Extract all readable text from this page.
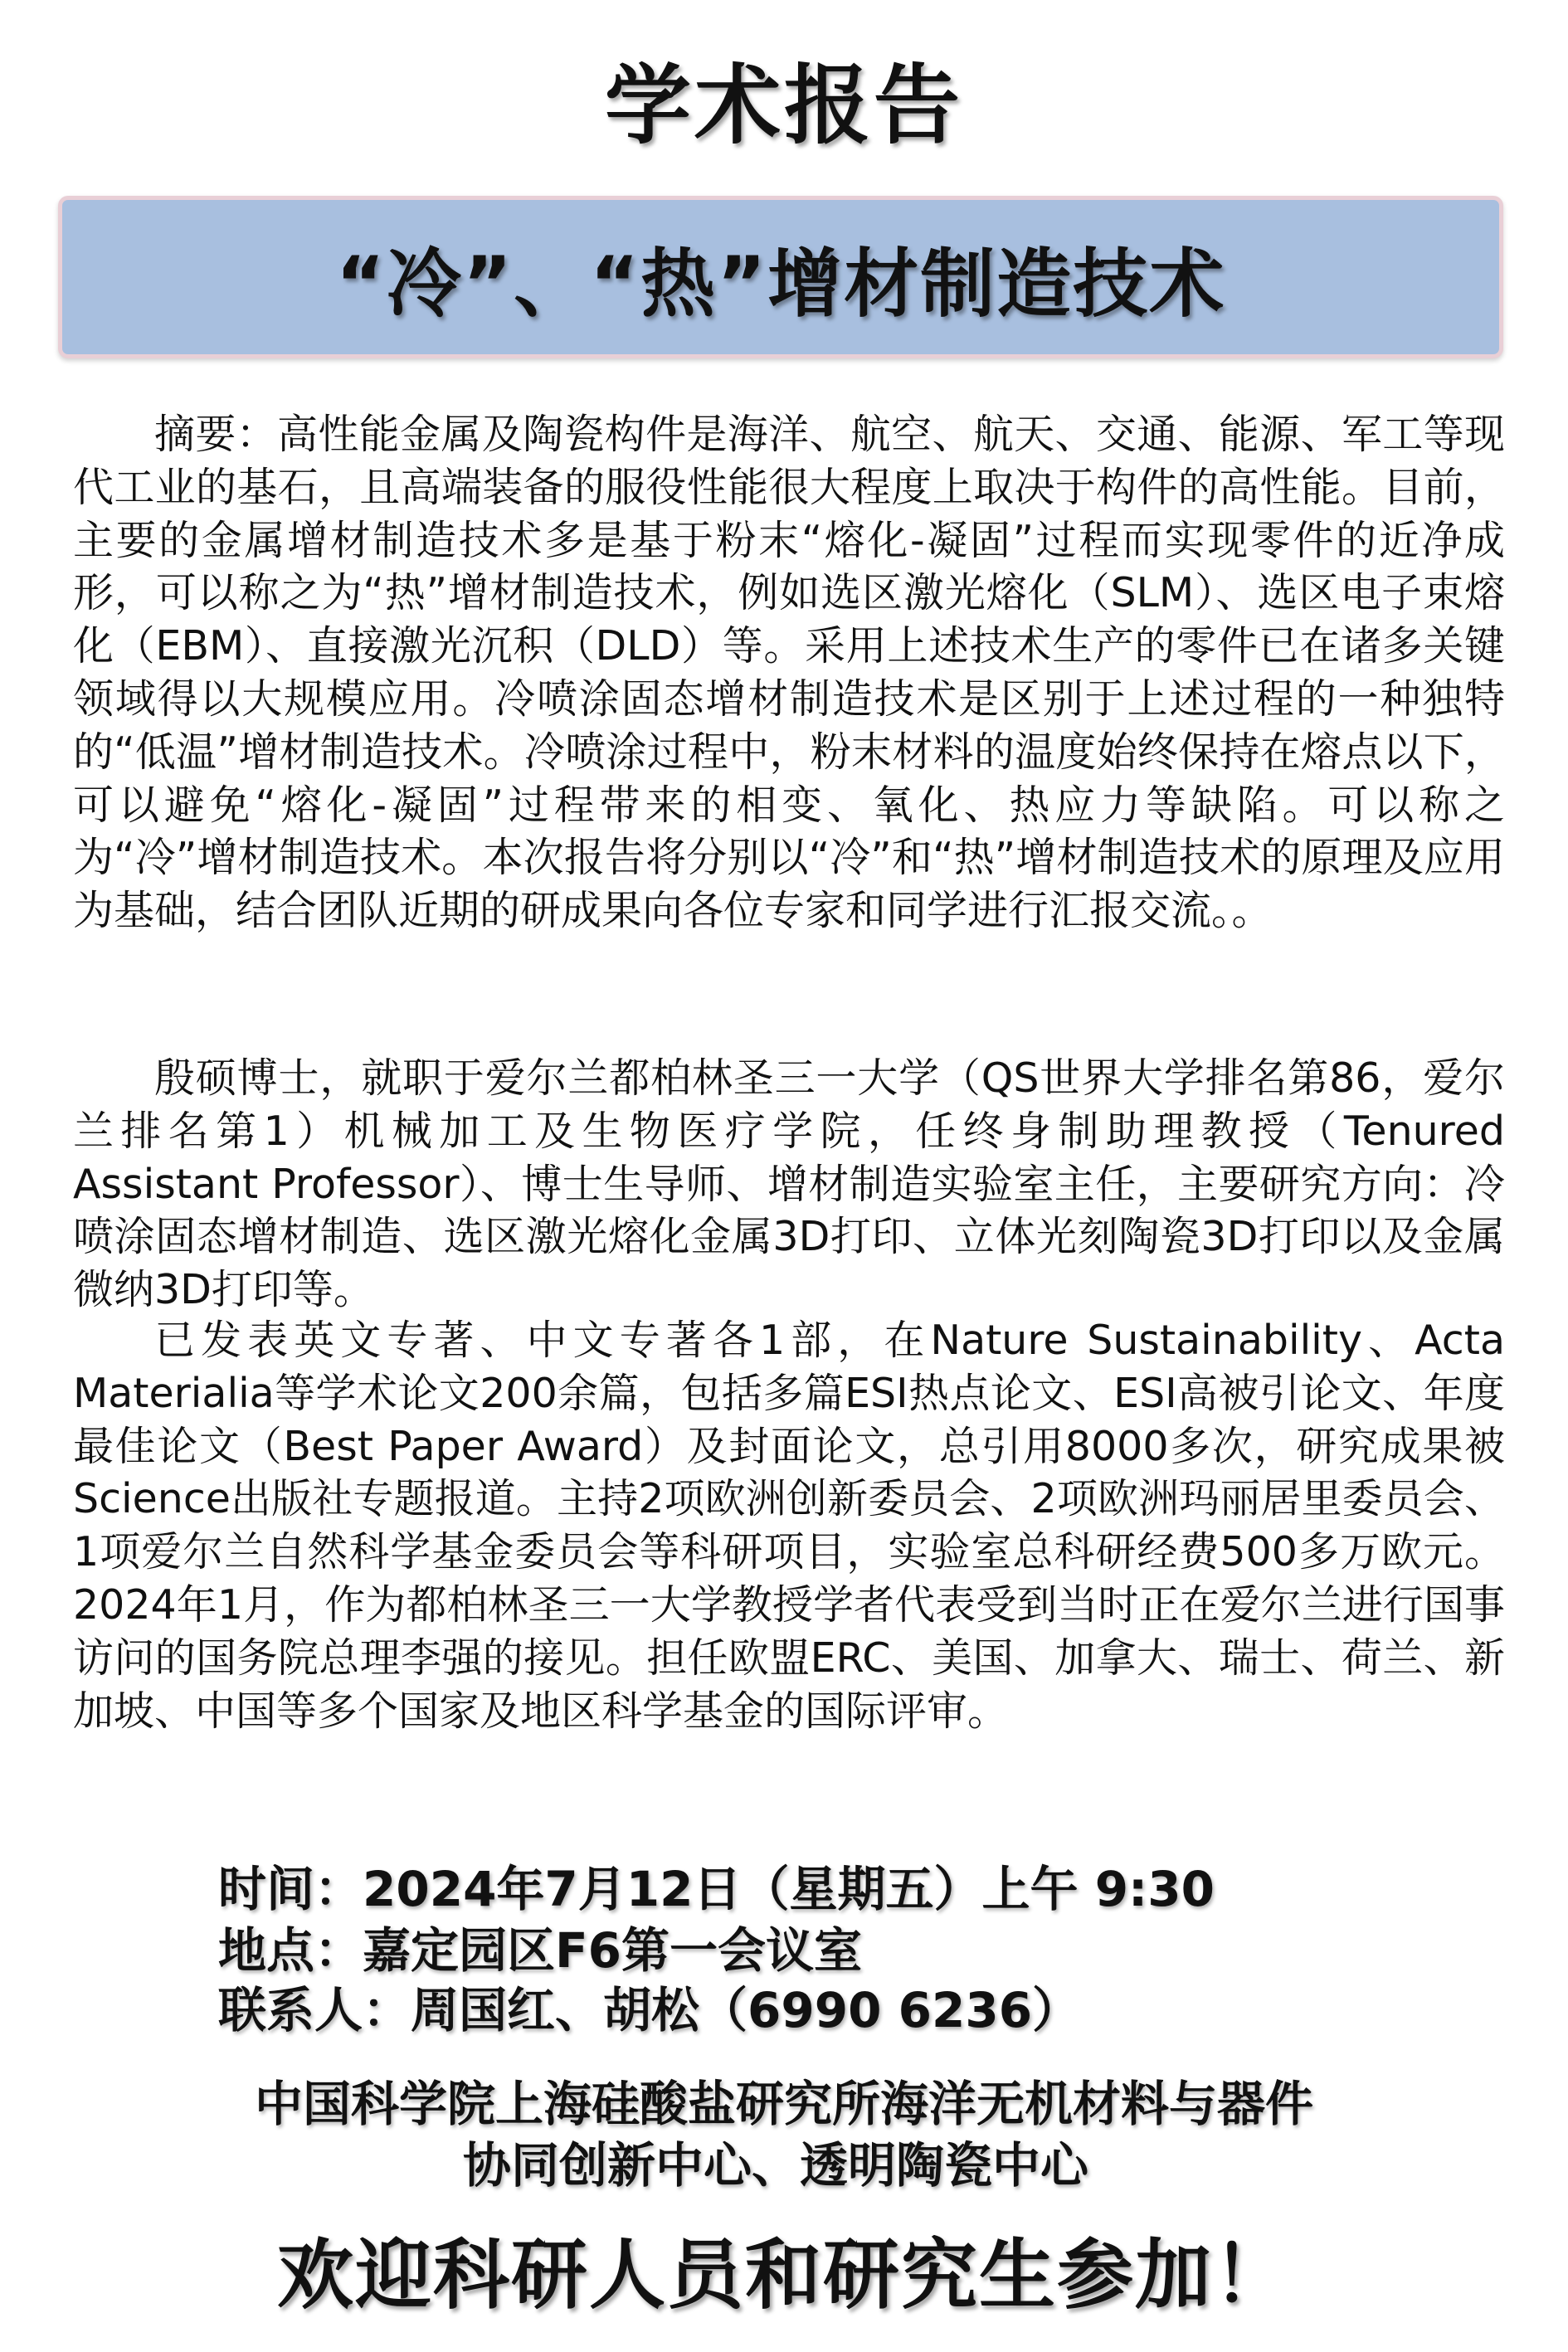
学术报告
“冷”、“热”增材制造技术

摘要：高性能金属及陶瓷构件是海洋、航空、航天、交通、能源、军工等现代工业的基石，且高端装备的服役性能很大程度上取决于构件的高性能。目前，主要的金属增材制造技术多是基于粉末“熔化-凝固”过程而实现零件的近净成形，可以称之为“热”增材制造技术，例如选区激光熔化（SLM）、选区电子束熔化（EBM）、直接激光沉积（DLD）等。采用上述技术生产的零件已在诸多关键领域得以大规模应用。冷喷涂固态增材制造技术是区别于上述过程的一种独特的“低温”增材制造技术。冷喷涂过程中，粉末材料的温度始终保持在熔点以下，可以避免“熔化-凝固”过程带来的相变、氧化、热应力等缺陷。可以称之为“冷”增材制造技术。本次报告将分别以“冷”和“热”增材制造技术的原理及应用为基础，结合团队近期的研成果向各位专家和同学进行汇报交流。。

殷硕博士，就职于爱尔兰都柏林圣三一大学（QS世界大学排名第86，爱尔兰排名第1）机械加工及生物医疗学院，任终身制助理教授（Tenured Assistant Professor）、博士生导师、增材制造实验室主任，主要研究方向：冷喷涂固态增材制造、选区激光熔化金属3D打印、立体光刻陶瓷3D打印以及金属微纳3D打印等。

已发表英文专著、中文专著各1部，在Nature Sustainability、Acta Materialia等学术论文200余篇，包括多篇ESI热点论文、ESI高被引论文、年度最佳论文（Best Paper Award）及封面论文，总引用8000多次，研究成果被Science出版社专题报道。主持2项欧洲创新委员会、2项欧洲玛丽居里委员会、1项爱尔兰自然科学基金委员会等科研项目，实验室总科研经费500多万欧元。2024年1月，作为都柏林圣三一大学教授学者代表受到当时正在爱尔兰进行国事访问的国务院总理李强的接见。担任欧盟ERC、美国、加拿大、瑞士、荷兰、新加坡、中国等多个国家及地区科学基金的国际评审。

时间：2024年7月12日（星期五）上午 9:30
地点：嘉定园区F6第一会议室
联系人：周国红、胡松（6990 6236）
中国科学院上海硅酸盐研究所海洋无机材料与器件
协同创新中心、透明陶瓷中心
欢迎科研人员和研究生参加！
